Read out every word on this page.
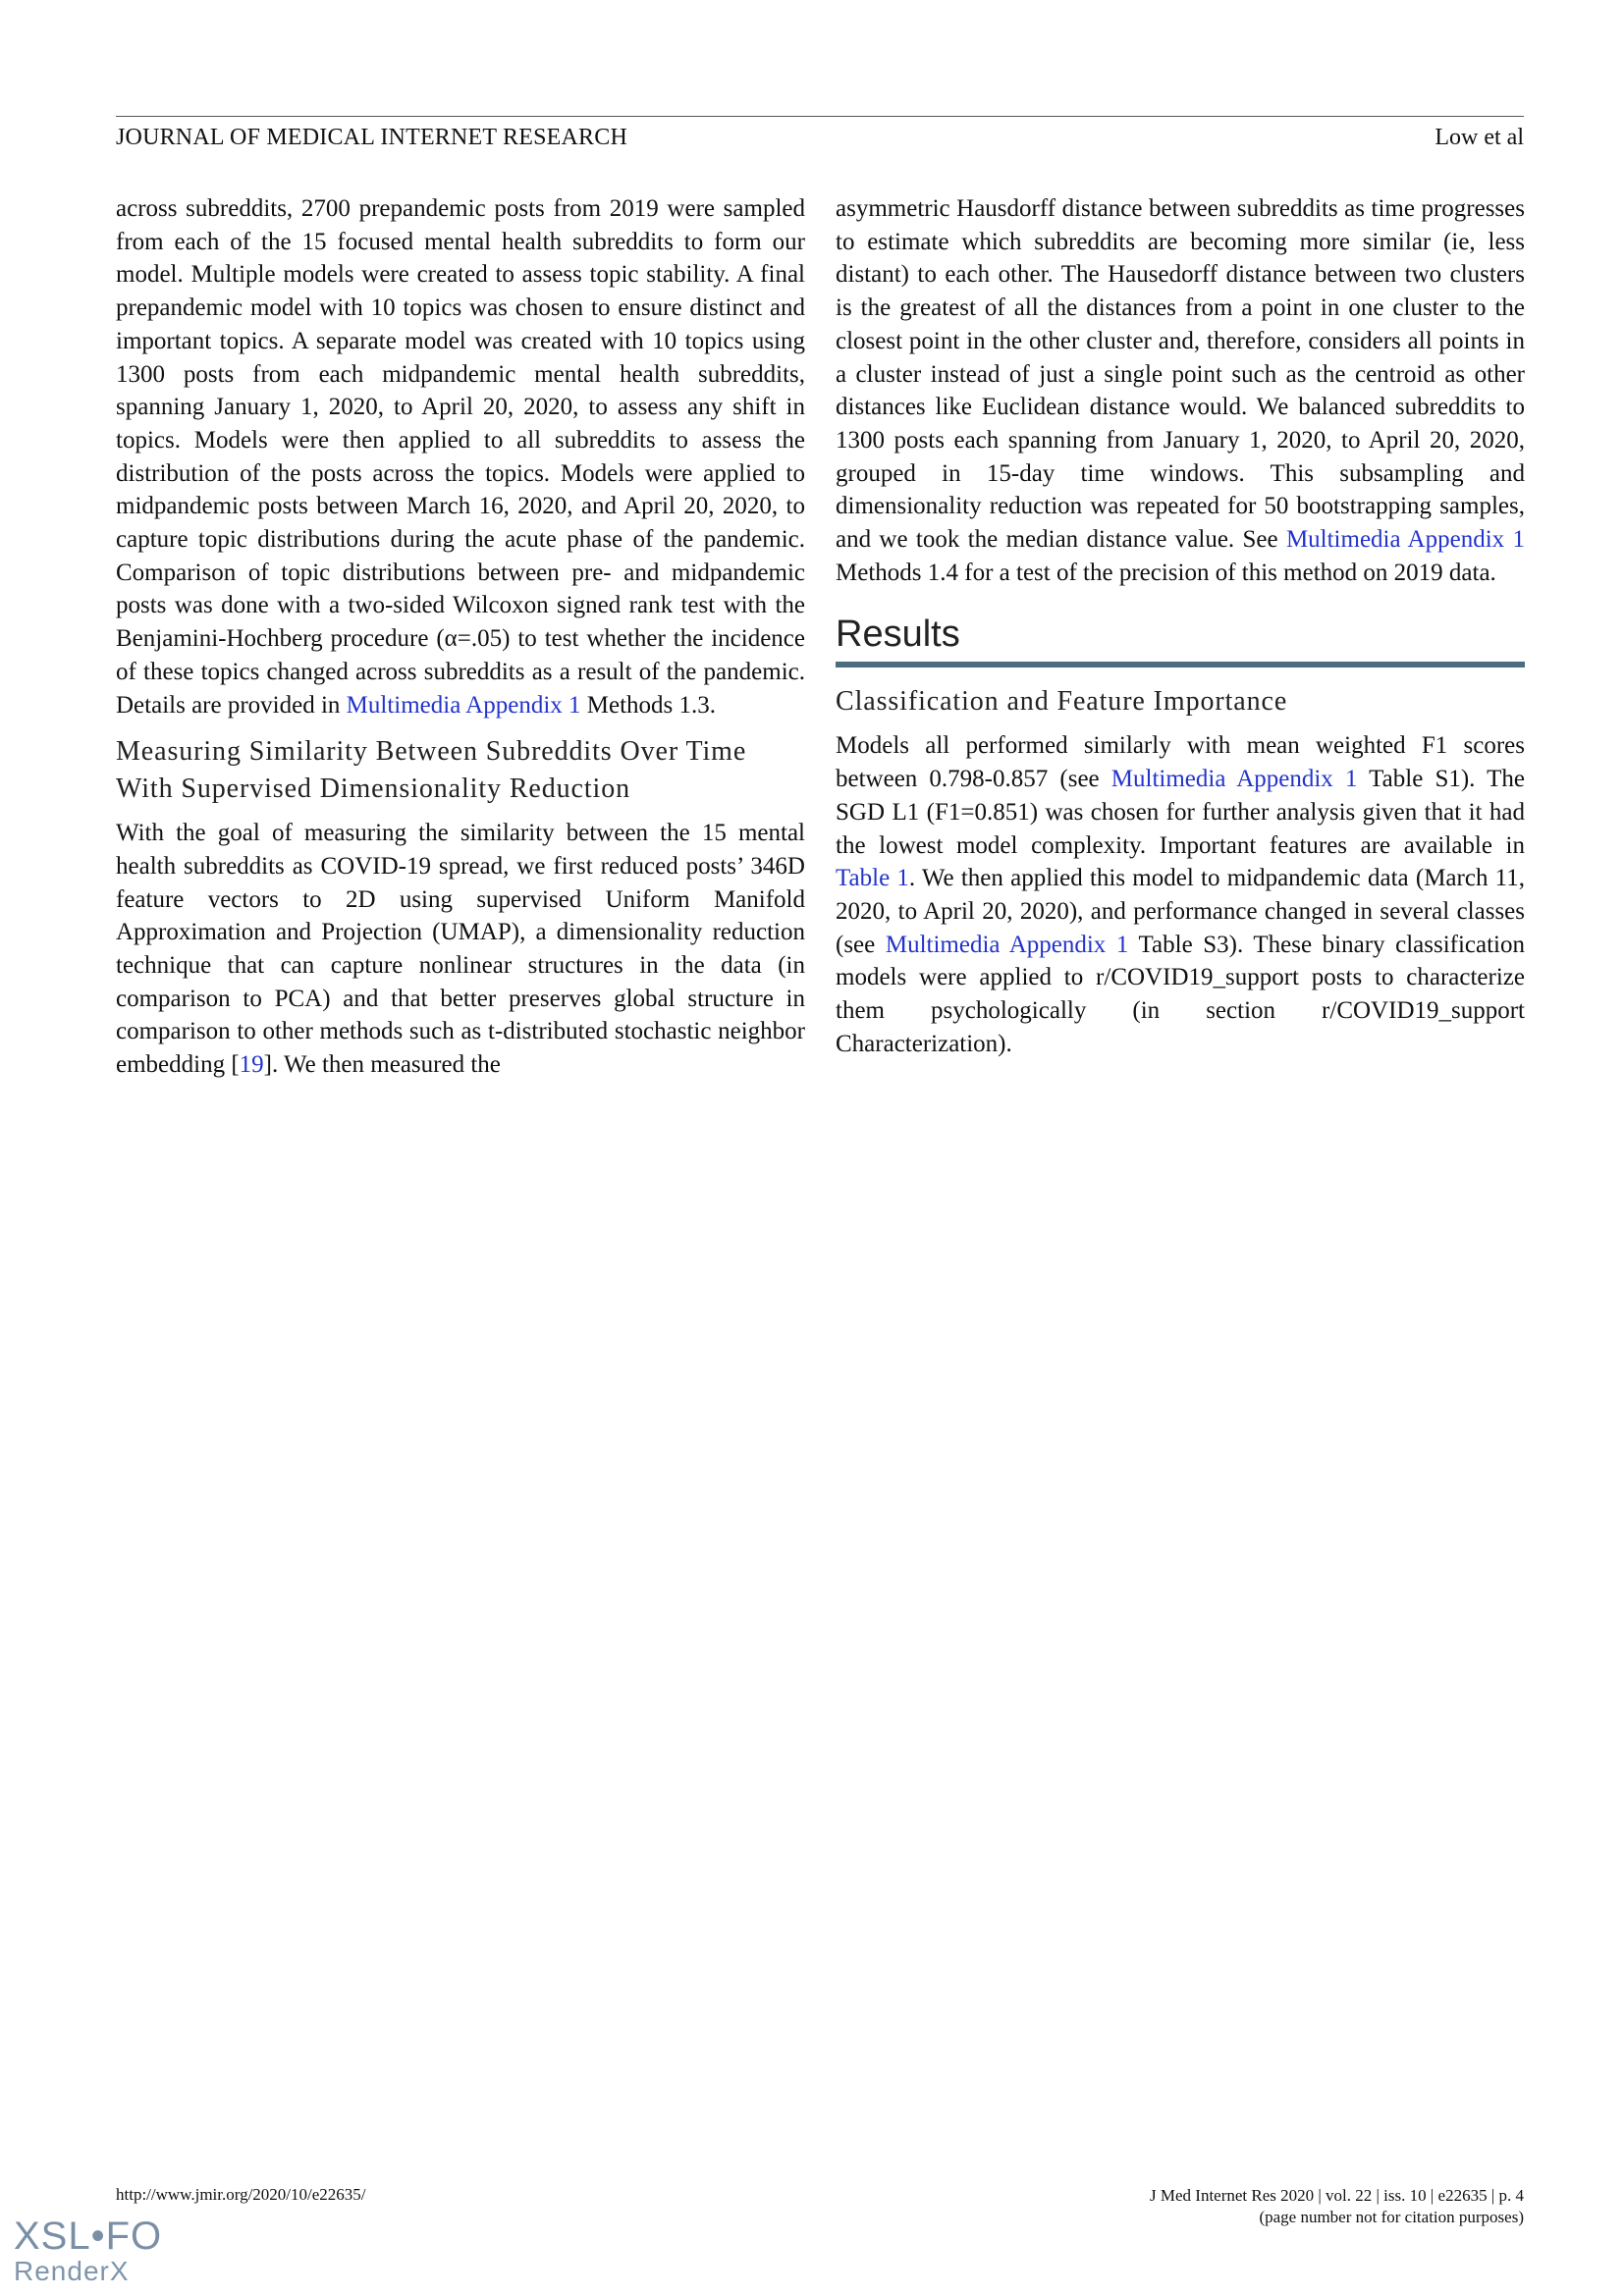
JOURNAL OF MEDICAL INTERNET RESEARCH	Low et al

across subreddits, 2700 prepandemic posts from 2019 were sampled from each of the 15 focused mental health subreddits to form our model. Multiple models were created to assess topic stability. A final prepandemic model with 10 topics was chosen to ensure distinct and important topics. A separate model was created with 10 topics using 1300 posts from each midpandemic mental health subreddits, spanning January 1, 2020, to April 20, 2020, to assess any shift in topics. Models were then applied to all subreddits to assess the distribution of the posts across the topics. Models were applied to midpandemic posts between March 16, 2020, and April 20, 2020, to capture topic distributions during the acute phase of the pandemic. Comparison of topic distributions between pre- and midpandemic posts was done with a two-sided Wilcoxon signed rank test with the Benjamini-Hochberg procedure (α=.05) to test whether the incidence of these topics changed across subreddits as a result of the pandemic. Details are provided in Multimedia Appendix 1 Methods 1.3.

Measuring Similarity Between Subreddits Over Time With Supervised Dimensionality Reduction

With the goal of measuring the similarity between the 15 mental health subreddits as COVID-19 spread, we first reduced posts’ 346D feature vectors to 2D using supervised Uniform Manifold Approximation and Projection (UMAP), a dimensionality reduction technique that can capture nonlinear structures in the data (in comparison to PCA) and that better preserves global structure in comparison to other methods such as t-distributed stochastic neighbor embedding [19]. We then measured the

asymmetric Hausdorff distance between subreddits as time progresses to estimate which subreddits are becoming more similar (ie, less distant) to each other. The Hausedorff distance between two clusters is the greatest of all the distances from a point in one cluster to the closest point in the other cluster and, therefore, considers all points in a cluster instead of just a single point such as the centroid as other distances like Euclidean distance would. We balanced subreddits to 1300 posts each spanning from January 1, 2020, to April 20, 2020, grouped in 15-day time windows. This subsampling and dimensionality reduction was repeated for 50 bootstrapping samples, and we took the median distance value. See Multimedia Appendix 1 Methods 1.4 for a test of the precision of this method on 2019 data.

Results
Classification and Feature Importance

Models all performed similarly with mean weighted F1 scores between 0.798-0.857 (see Multimedia Appendix 1 Table S1). The SGD L1 (F1=0.851) was chosen for further analysis given that it had the lowest model complexity. Important features are available in Table 1. We then applied this model to midpandemic data (March 11, 2020, to April 20, 2020), and performance changed in several classes (see Multimedia Appendix 1 Table S3). These binary classification models were applied to r/COVID19_support posts to characterize them psychologically (in section r/COVID19_support Characterization).

http://www.jmir.org/2020/10/e22635/	J Med Internet Res 2020 | vol. 22 | iss. 10 | e22635 | p. 4
(page number not for citation purposes)
XSL•FO
RenderX
